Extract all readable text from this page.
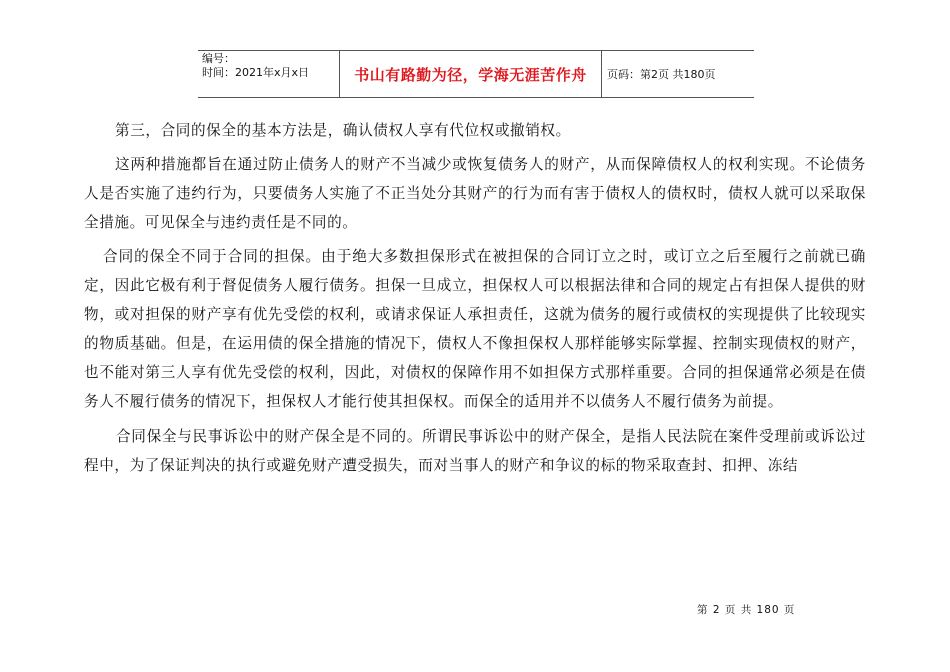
编号：
时间：2021年x月x日	书山有路勤为径，学海无涯苦作舟 页码：第2页 共180页

第三，合同的保全的基本方法是，确认债权人享有代位权或撤销权。

这两种措施都旨在通过防止债务人的财产不当减少或恢复债务人的财产，从而保障债权人的权利实现。不论债务人是否实施了违约行为，只要债务人实施了不正当处分其财产的行为而有害于债权人的债权时，债权人就可以采取保全措施。可见保全与违约责任是不同的。

合同的保全不同于合同的担保。由于绝大多数担保形式在被担保的合同订立之时，或订立之后至履行之前就已确定，因此它极有利于督促债务人履行债务。担保一旦成立，担保权人可以根据法律和合同的规定占有担保人提供的财物，或对担保的财产享有优先受偿的权利，或请求保证人承担责任，这就为债务的履行或债权的实现提供了比较现实的物质基础。但是，在运用债的保全措施的情况下，债权人不像担保权人那样能够实际掌握、控制实现债权的财产，也不能对第三人享有优先受偿的权利，因此，对债权的保障作用不如担保方式那样重要。合同的担保通常必须是在债务人不履行债务的情况下，担保权人才能行使其担保权。而保全的适用并不以债务人不履行债务为前提。

合同保全与民事诉讼中的财产保全是不同的。所谓民事诉讼中的财产保全，是指人民法院在案件受理前或诉讼过程中，为了保证判决的执行或避免财产遭受损失，而对当事人的财产和争议的标的物采取查封、扣押、冻结

第 2 页 共 180 页
